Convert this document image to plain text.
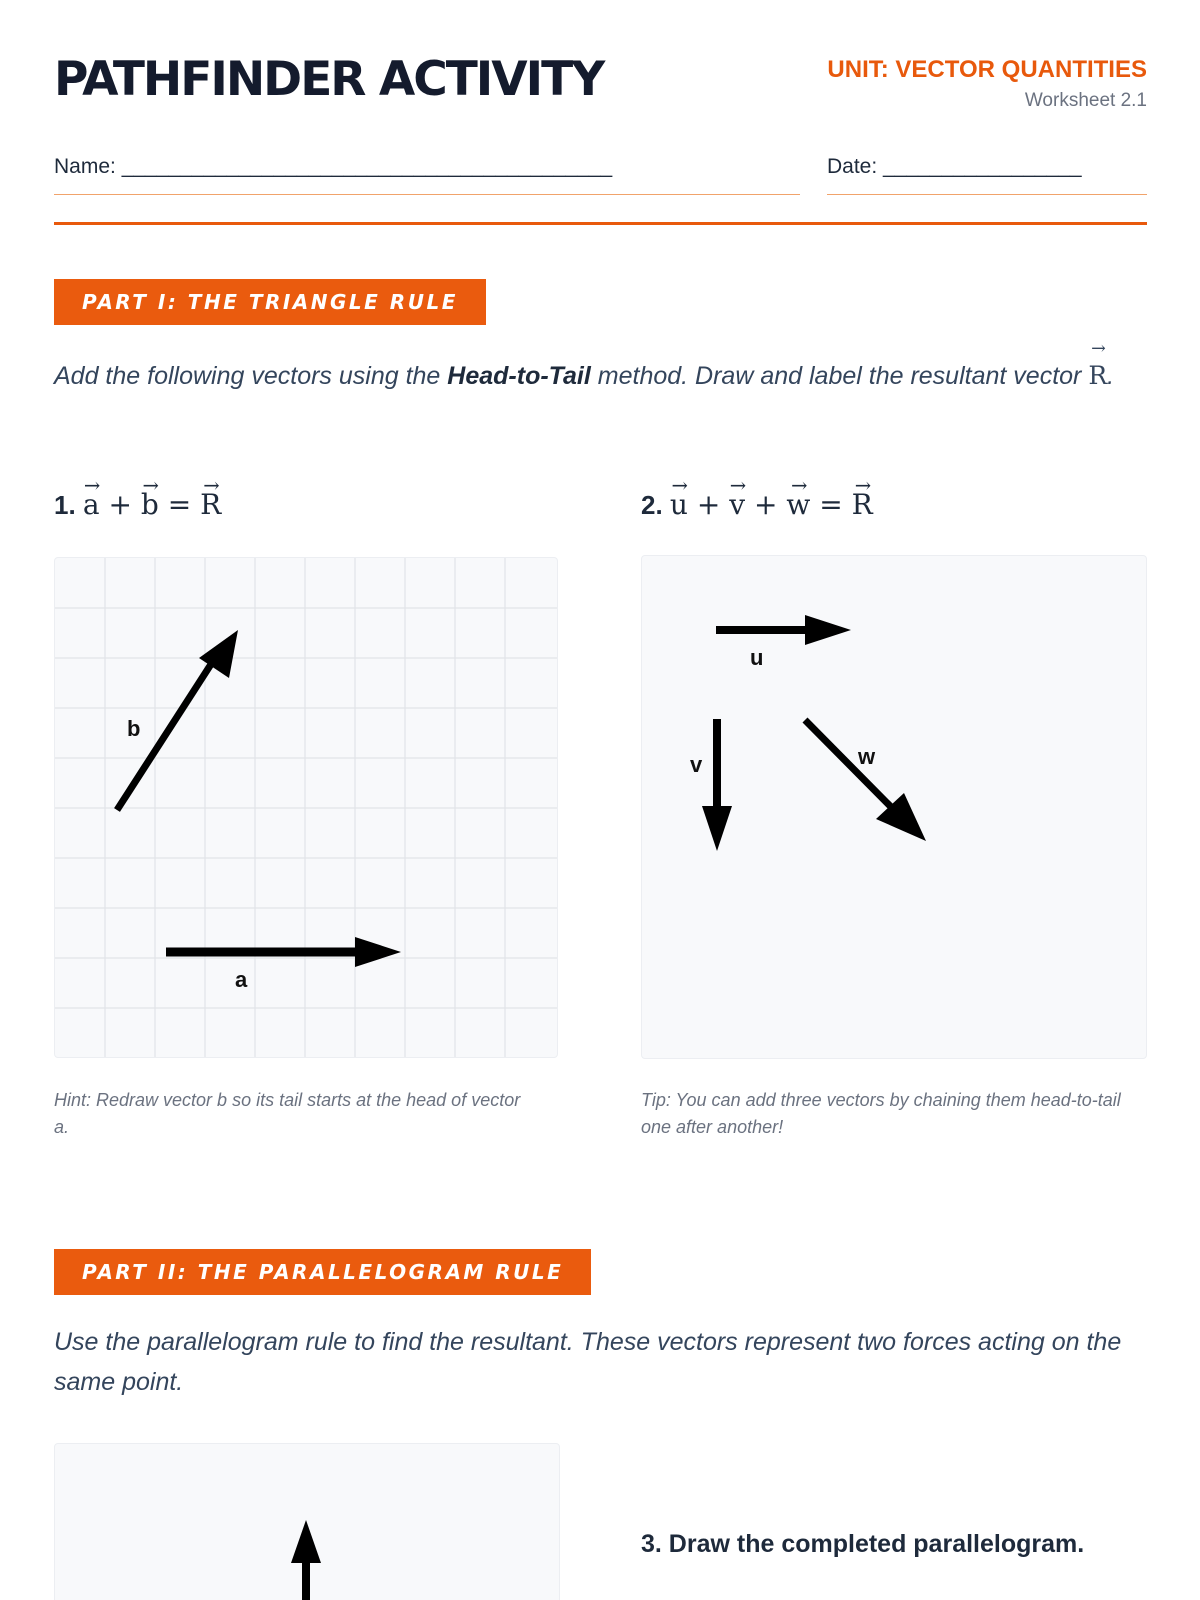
PATHFINDER ACTIVITY	UNIT: VECTOR QUANTITIES
Worksheet 2.1
Name: __________________________________________	Date: _________________
PART I: THE TRIANGLE RULE
Add the following vectors using the Head-to-Tail method. Draw and label the resultant vector R →.
1. a → + b → = R →	2. u → + v → + w → = R →
b
a
u
v	w
Hint: Redraw vector b so its tail starts at the head of vector a.
Tip: You can add three vectors by chaining them head-to-tail one after another!
PART II: THE PARALLELOGRAM RULE
Use the parallelogram rule to find the resultant. These vectors represent two forces acting on the same point.
3. Draw the completed parallelogram.
